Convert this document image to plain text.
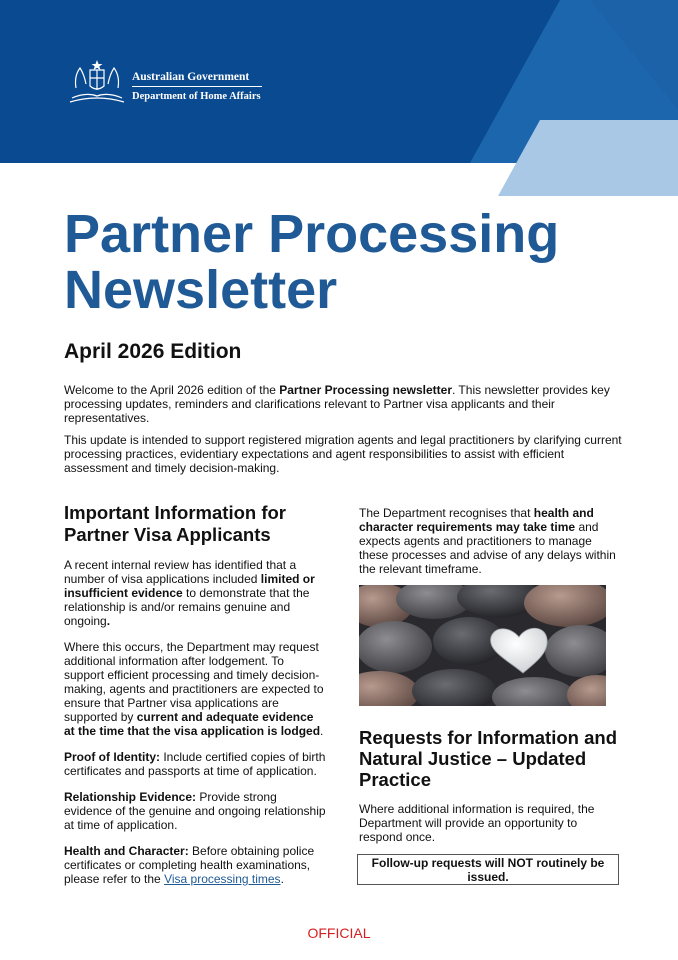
Australian Government
Department of Home Affairs
Partner Processing
Newsletter
April 2026 Edition

Welcome to the April 2026 edition of the Partner Processing newsletter. This newsletter provides key processing updates, reminders and clarifications relevant to Partner visa applicants and their representatives.

This update is intended to support registered migration agents and legal practitioners by clarifying current processing practices, evidentiary expectations and agent responsibilities to assist with efficient assessment and timely decision-making.

Important Information for Partner Visa Applicants

A recent internal review has identified that a number of visa applications included limited or insufficient evidence to demonstrate that the relationship is and/or remains genuine and ongoing.

Where this occurs, the Department may request additional information after lodgement. To support efficient processing and timely decision-making, agents and practitioners are expected to ensure that Partner visa applications are supported by current and adequate evidence at the time that the visa application is lodged.

Proof of Identity: Include certified copies of birth certificates and passports at time of application.

Relationship Evidence: Provide strong evidence of the genuine and ongoing relationship at time of application.

Health and Character: Before obtaining police certificates or completing health examinations, please refer to the Visa processing times.

The Department recognises that health and character requirements may take time and expects agents and practitioners to manage these processes and advise of any delays within the relevant timeframe.

Requests for Information and Natural Justice – Updated Practice

Where additional information is required, the Department will provide an opportunity to respond once.

Follow-up requests will NOT routinely be issued.
OFFICIAL
